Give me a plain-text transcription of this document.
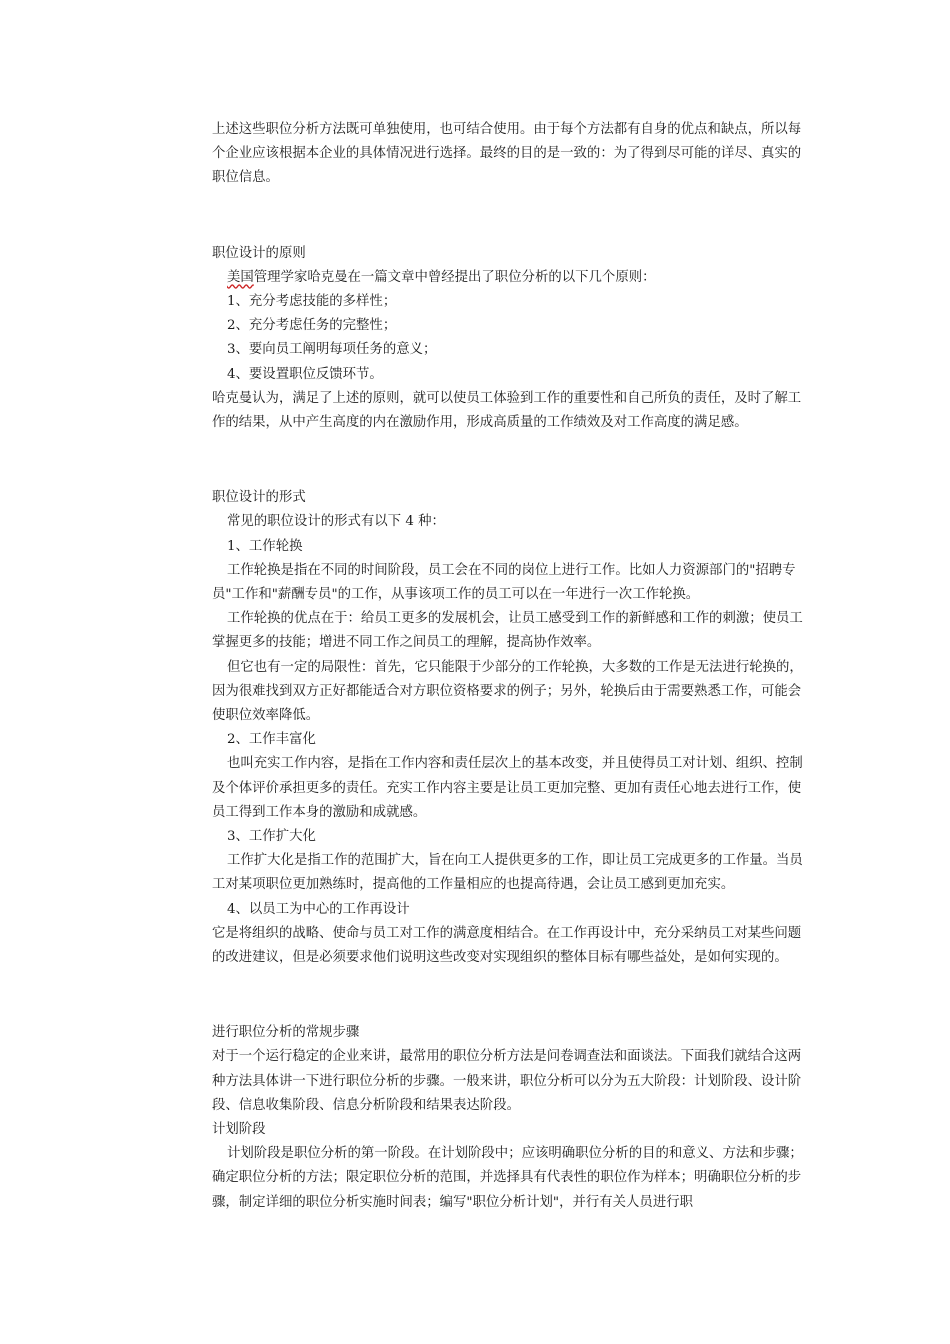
上述这些职位分析方法既可单独使用，也可结合使用。由于每个方法都有自身的优点和缺点，所以每个企业应该根据本企业的具体情况进行选择。最终的目的是一致的：为了得到尽可能的详尽、真实的职位信息。

职位设计的原则

美国管理学家哈克曼在一篇文章中曾经提出了职位分析的以下几个原则：

1、充分考虑技能的多样性；

2、充分考虑任务的完整性；

3、要向员工阐明每项任务的意义；

4、要设置职位反馈环节。

哈克曼认为，满足了上述的原则，就可以使员工体验到工作的重要性和自己所负的责任，及时了解工作的结果，从中产生高度的内在激励作用，形成高质量的工作绩效及对工作高度的满足感。

职位设计的形式

常见的职位设计的形式有以下 4 种：

1、工作轮换

工作轮换是指在不同的时间阶段，员工会在不同的岗位上进行工作。比如人力资源部门的"招聘专员"工作和"薪酬专员"的工作，从事该项工作的员工可以在一年进行一次工作轮换。

工作轮换的优点在于：给员工更多的发展机会，让员工感受到工作的新鲜感和工作的刺激；使员工掌握更多的技能；增进不同工作之间员工的理解，提高协作效率。

但它也有一定的局限性：首先，它只能限于少部分的工作轮换，大多数的工作是无法进行轮换的，因为很难找到双方正好都能适合对方职位资格要求的例子；另外，轮换后由于需要熟悉工作，可能会使职位效率降低。

2、工作丰富化

也叫充实工作内容，是指在工作内容和责任层次上的基本改变，并且使得员工对计划、组织、控制及个体评价承担更多的责任。充实工作内容主要是让员工更加完整、更加有责任心地去进行工作，使员工得到工作本身的激励和成就感。

3、工作扩大化

工作扩大化是指工作的范围扩大，旨在向工人提供更多的工作，即让员工完成更多的工作量。当员工对某项职位更加熟练时，提高他的工作量相应的也提高待遇，会让员工感到更加充实。

4、以员工为中心的工作再设计

它是将组织的战略、使命与员工对工作的满意度相结合。在工作再设计中，充分采纳员工对某些问题的改进建议，但是必须要求他们说明这些改变对实现组织的整体目标有哪些益处，是如何实现的。

进行职位分析的常规步骤

对于一个运行稳定的企业来讲，最常用的职位分析方法是问卷调查法和面谈法。下面我们就结合这两种方法具体讲一下进行职位分析的步骤。一般来讲，职位分析可以分为五大阶段：计划阶段、设计阶段、信息收集阶段、信息分析阶段和结果表达阶段。

计划阶段

计划阶段是职位分析的第一阶段。在计划阶段中；应该明确职位分析的目的和意义、方法和步骤；确定职位分析的方法；限定职位分析的范围，并选择具有代表性的职位作为样本；明确职位分析的步骤，制定详细的职位分析实施时间表；编写"职位分析计划"，并行有关人员进行职
